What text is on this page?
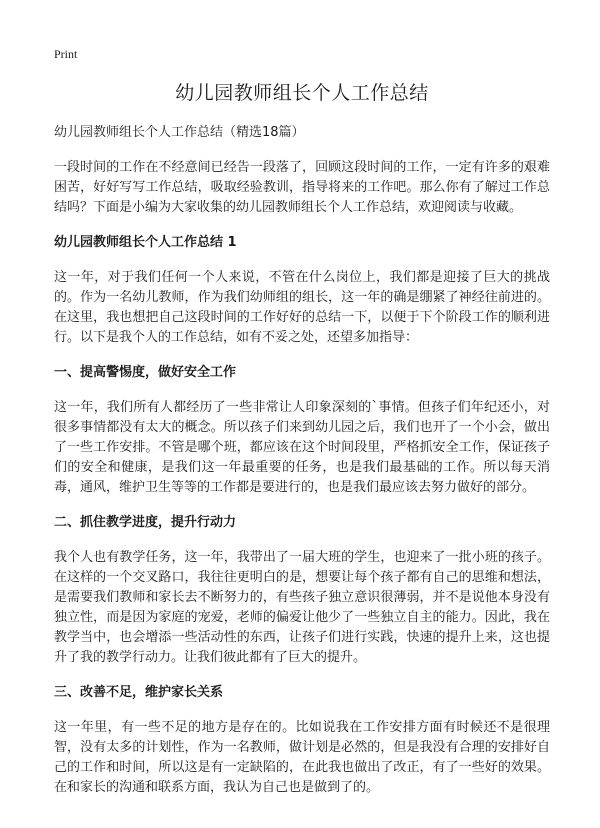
Print
幼儿园教师组长个人工作总结
幼儿园教师组长个人工作总结（精选18篇）

一段时间的工作在不经意间已经告一段落了，回顾这段时间的工作，一定有许多的艰难困苦，好好写写工作总结，吸取经验教训，指导将来的工作吧。那么你有了解过工作总结吗？下面是小编为大家收集的幼儿园教师组长个人工作总结，欢迎阅读与收藏。

幼儿园教师组长个人工作总结 1

这一年，对于我们任何一个人来说，不管在什么岗位上，我们都是迎接了巨大的挑战的。作为一名幼儿教师，作为我们幼师组的组长，这一年的确是绷紧了神经往前进的。在这里，我也想把自己这段时间的工作好好的总结一下，以便于下个阶段工作的顺利进行。以下是我个人的工作总结，如有不妥之处，还望多加指导：

一、提高警惕度，做好安全工作

这一年，我们所有人都经历了一些非常让人印象深刻的`事情。但孩子们年纪还小，对很多事情都没有太大的概念。所以孩子们来到幼儿园之后，我们也开了一个小会，做出了一些工作安排。不管是哪个班，都应该在这个时间段里，严格抓安全工作，保证孩子们的安全和健康，是我们这一年最重要的任务，也是我们最基础的工作。所以每天消毒，通风，维护卫生等等的工作都是要进行的，也是我们最应该去努力做好的部分。

二、抓住教学进度，提升行动力

我个人也有教学任务，这一年，我带出了一届大班的学生，也迎来了一批小班的孩子。在这样的一个交叉路口，我往往更明白的是，想要让每个孩子都有自己的思维和想法，是需要我们教师和家长去不断努力的，有些孩子独立意识很薄弱，并不是说他本身没有独立性，而是因为家庭的宠爱，老师的偏爱让他少了一些独立自主的能力。因此，我在教学当中，也会增添一些活动性的东西，让孩子们进行实践，快速的提升上来，这也提升了我的教学行动力。让我们彼此都有了巨大的提升。

三、改善不足，维护家长关系

这一年里，有一些不足的地方是存在的。比如说我在工作安排方面有时候还不是很理智，没有太多的计划性，作为一名教师，做计划是必然的，但是我没有合理的安排好自己的工作和时间，所以这是有一定缺陷的，在此我也做出了改正，有了一些好的效果。在和家长的沟通和联系方面，我认为自己也是做到了的。
